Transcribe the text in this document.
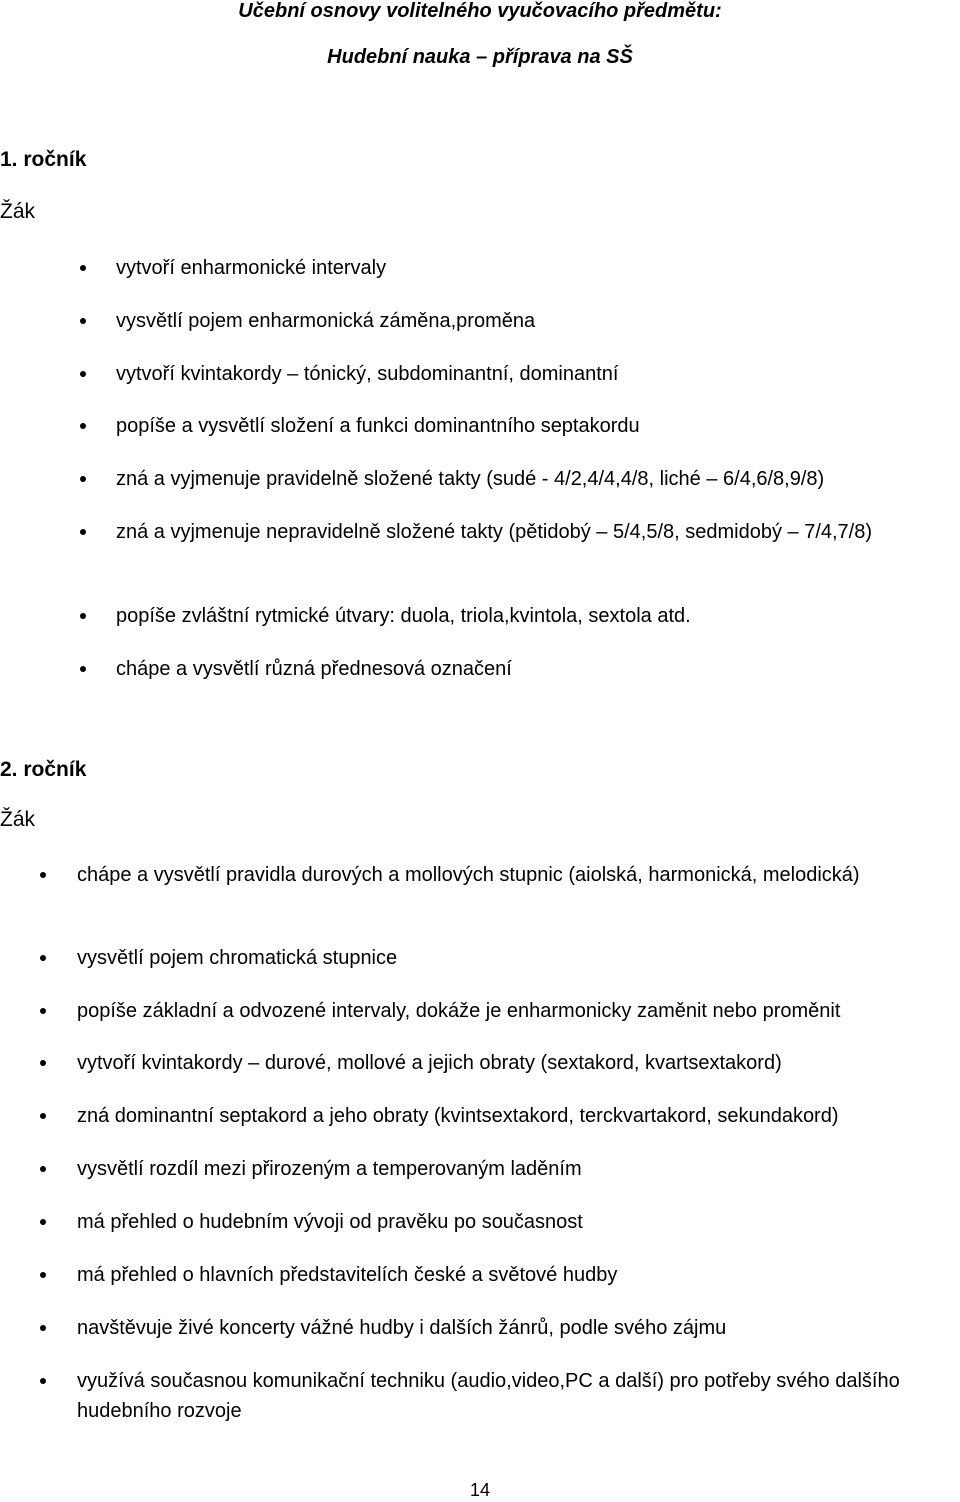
Učební osnovy volitelného vyučovacího předmětu:
Hudební nauka – příprava na SŠ
1. ročník
Žák
vytvoří enharmonické intervaly
vysvětlí pojem enharmonická záměna,proměna
vytvoří kvintakordy – tónický, subdominantní, dominantní
popíše a vysvětlí složení a funkci dominantního septakordu
zná a vyjmenuje pravidelně složené takty (sudé - 4/2,4/4,4/8, liché – 6/4,6/8,9/8)
zná a vyjmenuje nepravidelně složené takty (pětidobý – 5/4,5/8, sedmidobý – 7/4,7/8)
popíše zvláštní rytmické útvary: duola, triola,kvintola, sextola atd.
chápe a vysvětlí různá přednesová označení
2. ročník
Žák
chápe a vysvětlí pravidla durových a mollových stupnic (aiolská, harmonická, melodická)
vysvětlí pojem chromatická stupnice
popíše základní a odvozené intervaly, dokáže je enharmonicky zaměnit nebo proměnit
vytvoří kvintakordy – durové, mollové a jejich obraty (sextakord, kvartsextakord)
zná dominantní septakord a jeho obraty (kvintsextakord, terckvartakord, sekundakord)
vysvětlí rozdíl mezi přirozeným a temperovaným laděním
má přehled o hudebním vývoji od pravěku po současnost
má přehled o hlavních představitelích české a světové hudby
navštěvuje živé koncerty vážné hudby i dalších žánrů, podle svého zájmu
využívá současnou komunikační techniku (audio,video,PC a další) pro potřeby svého dalšího hudebního rozvoje
14
